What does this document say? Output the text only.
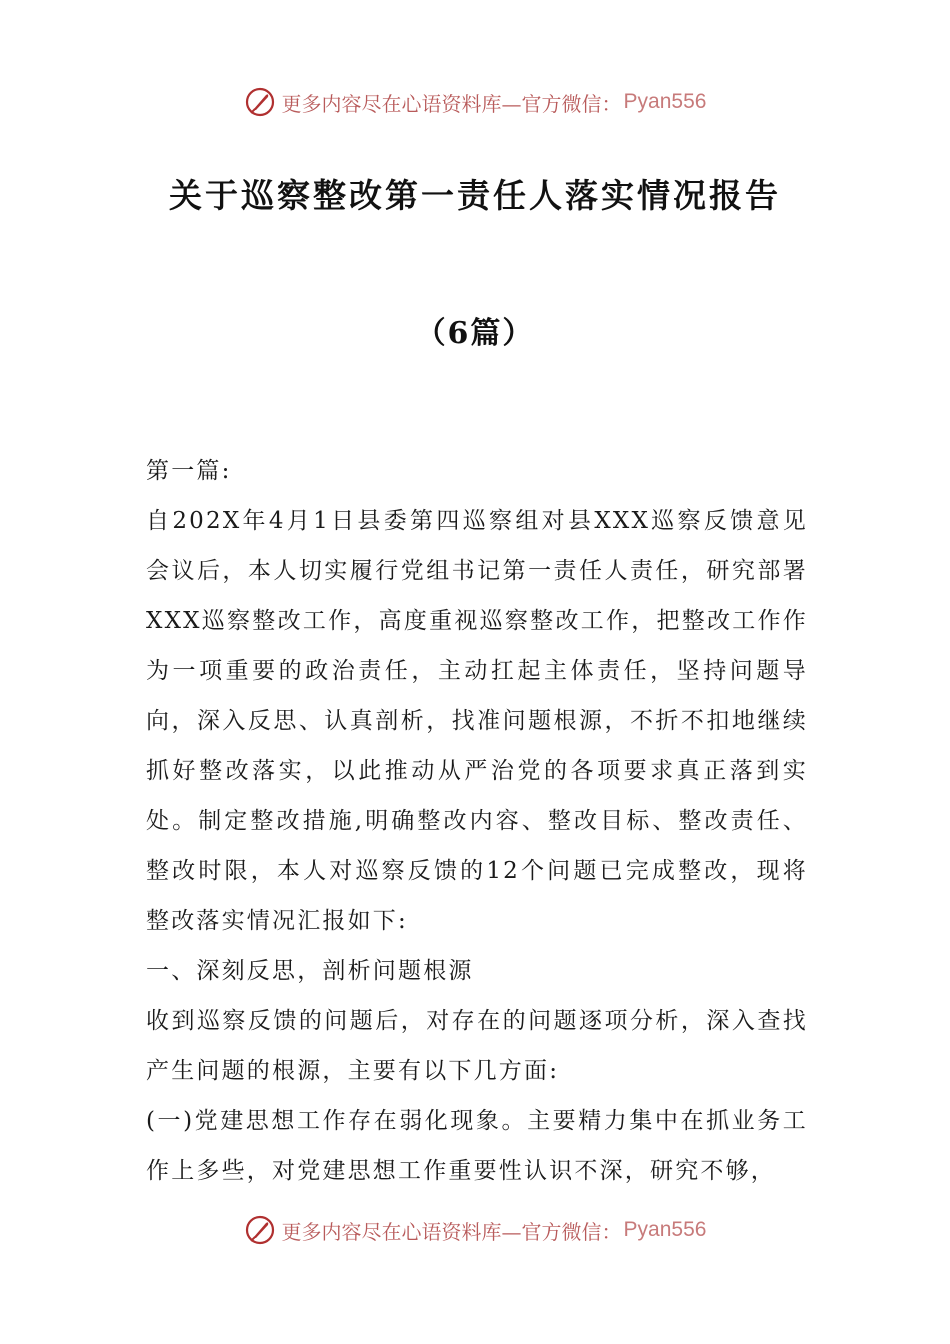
更多内容尽在心语资料库—官方微信： Pyan556
关于巡察整改第一责任人落实情况报告
（6篇）

第一篇:

自202X年4月1日县委第四巡察组对县XXX巡察反馈意见会议后，本人切实履行党组书记第一责任人责任，研究部署XXX巡察整改工作，高度重视巡察整改工作，把整改工作作为一项重要的政治责任，主动扛起主体责任，坚持问题导向，深入反思、认真剖析，找准问题根源，不折不扣地继续抓好整改落实，以此推动从严治党的各项要求真正落到实处。制定整改措施,明确整改内容、整改目标、整改责任、整改时限，本人对巡察反馈的12个问题已完成整改，现将整改落实情况汇报如下:

一、深刻反思，剖析问题根源

收到巡察反馈的问题后，对存在的问题逐项分析，深入查找产生问题的根源，主要有以下几方面:

(一)党建思想工作存在弱化现象。主要精力集中在抓业务工作上多些，对党建思想工作重要性认识不深，研究不够，

更多内容尽在心语资料库—官方微信： Pyan556
